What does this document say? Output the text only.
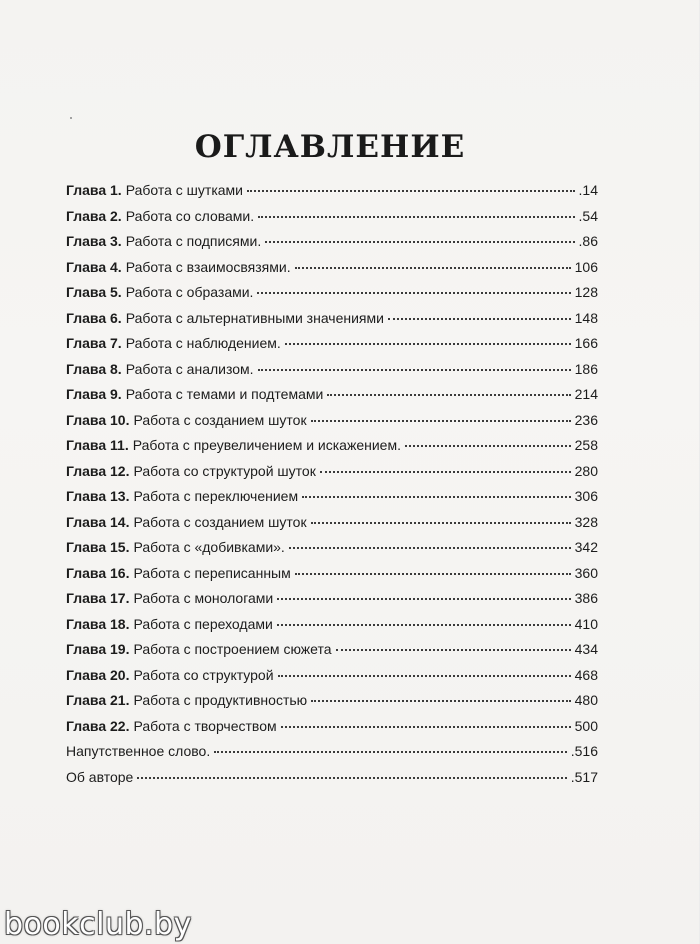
ОГЛАВЛЕНИЕ
Глава 1. Работа с шутками	.14
Глава 2. Работа со словами.	.54
Глава 3. Работа с подписями.	.86
Глава 4. Работа с взаимосвязями.	106
Глава 5. Работа с образами.	128
Глава 6. Работа с альтернативными значениями	148
Глава 7. Работа с наблюдением.	166
Глава 8. Работа с анализом.	186
Глава 9. Работа с темами и подтемами	214
Глава 10. Работа с созданием шуток	236
Глава 11. Работа с преувеличением и искажением.	258
Глава 12. Работа со структурой шуток	280
Глава 13. Работа с переключением	306
Глава 14. Работа с созданием шуток	328
Глава 15. Работа с «добивками».	342
Глава 16. Работа с переписанным	360
Глава 17. Работа с монологами	386
Глава 18. Работа с переходами	410
Глава 19. Работа с построением сюжета	434
Глава 20. Работа со структурой	468
Глава 21. Работа с продуктивностью	480
Глава 22. Работа с творчеством	500
Напутственное слово.	.516
Об авторе	.517
bookclub.by
